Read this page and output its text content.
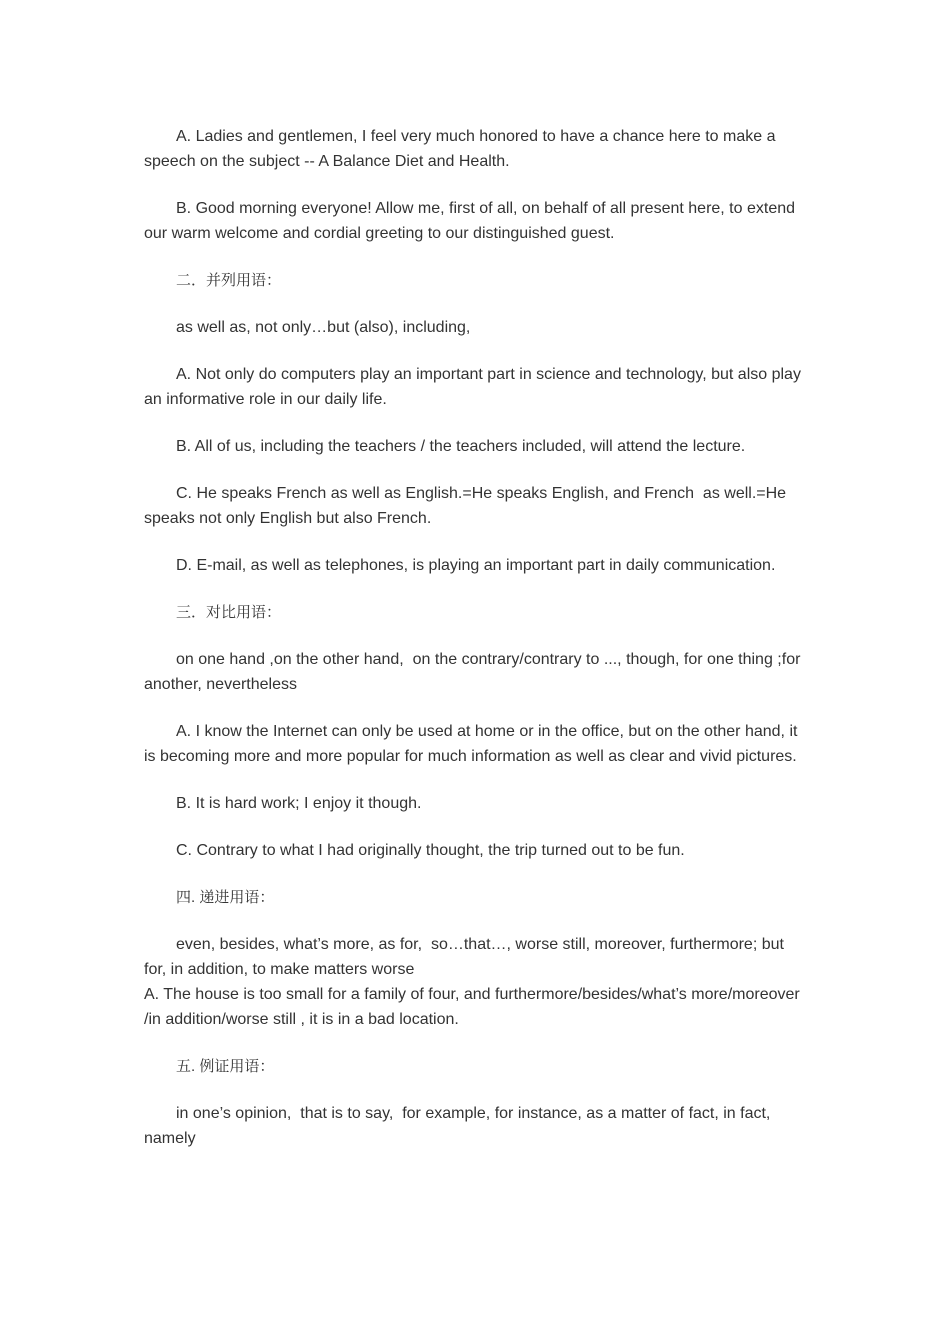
A. Ladies and gentlemen, I feel very much honored to have a chance here to make a speech on the subject -- A Balance Diet and Health.

B. Good morning everyone! Allow me, first of all, on behalf of all present here, to extend our warm welcome and cordial greeting to our distinguished guest.

二．并列用语：

as well as, not only…but (also), including,

A. Not only do computers play an important part in science and technology, but also play an informative role in our daily life.

B. All of us, including the teachers / the teachers included, will attend the lecture.

C. He speaks French as well as English.=He speaks English, and French  as well.=He speaks not only English but also French.

D. E-mail, as well as telephones, is playing an important part in daily communication.

三．对比用语：

on one hand ,on the other hand,  on the contrary/contrary to ..., though, for one thing ;for another, nevertheless

A. I know the Internet can only be used at home or in the office, but on the other hand, it is becoming more and more popular for much information as well as clear and vivid pictures.

B. It is hard work; I enjoy it though.

C. Contrary to what I had originally thought, the trip turned out to be fun.

四. 递进用语：

even, besides, what’s more, as for,  so…that…, worse still, moreover, furthermore; but for, in addition, to make matters worse

A. The house is too small for a family of four, and furthermore/besides/what’s more/moreover /in addition/worse still , it is in a bad location.

五. 例证用语：

in one’s opinion,  that is to say,  for example, for instance, as a matter of fact, in fact, namely
